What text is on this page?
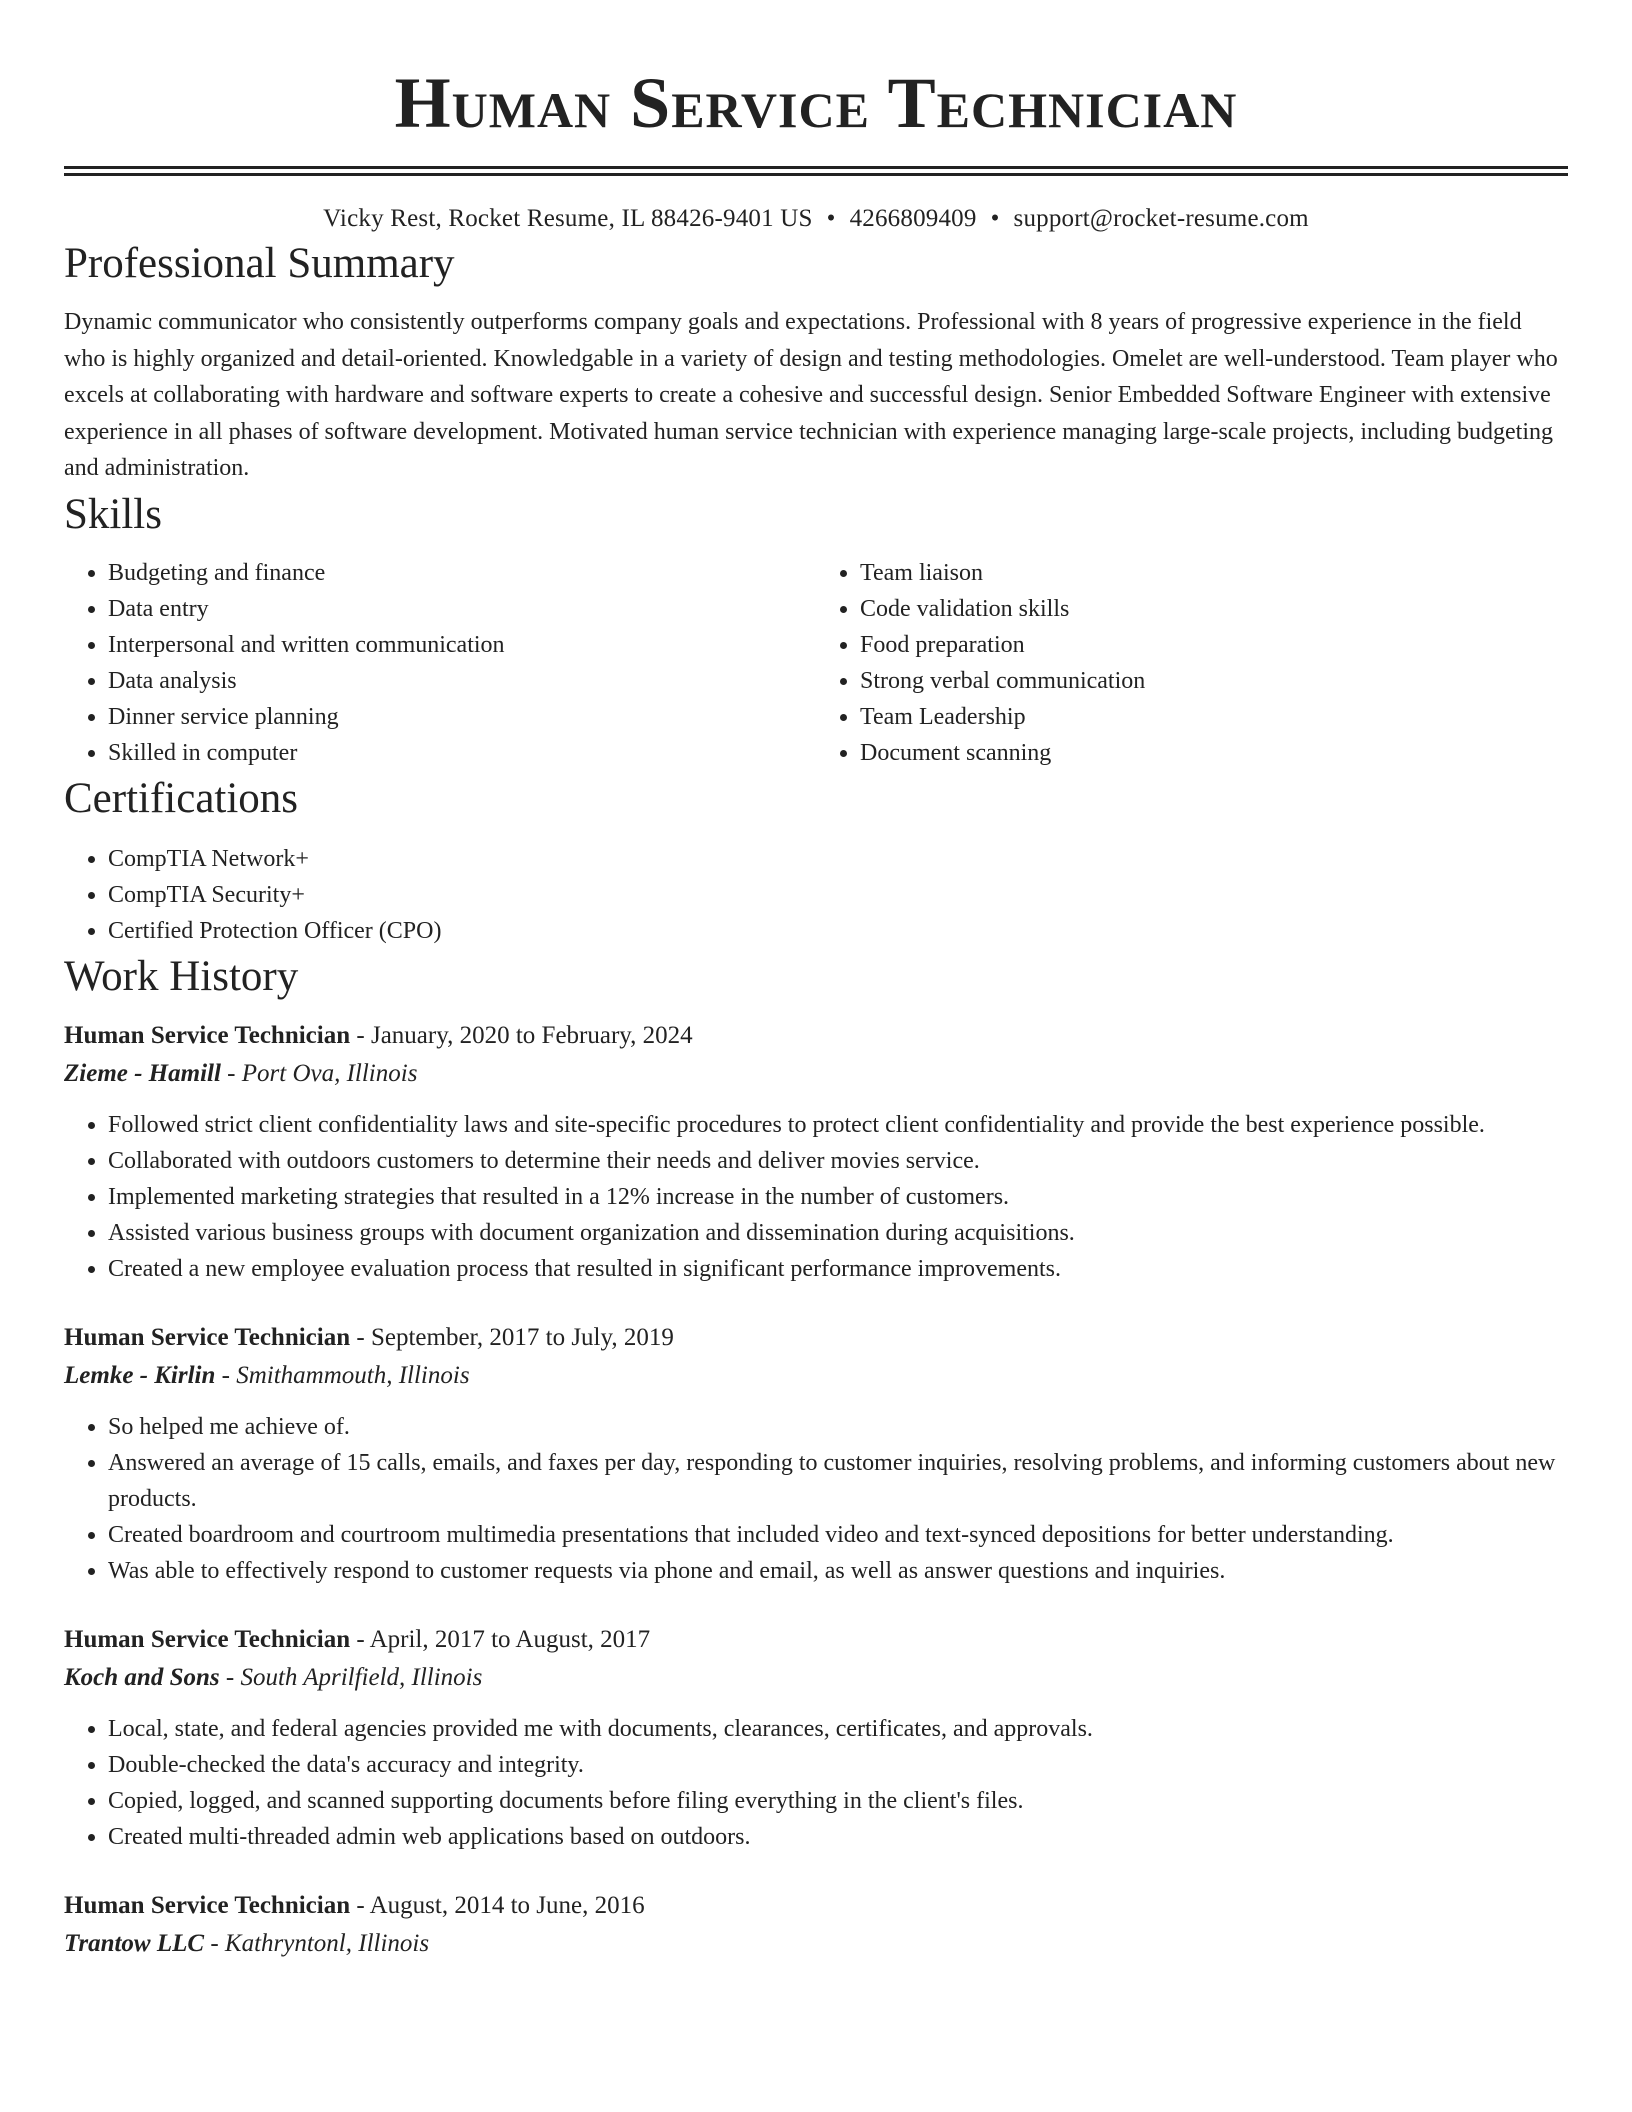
Human Service Technician
Vicky Rest, Rocket Resume, IL 88426-9401 US • 4266809409 • support@rocket-resume.com
Professional Summary

Dynamic communicator who consistently outperforms company goals and expectations. Professional with 8 years of progressive experience in the field who is highly organized and detail-oriented. Knowledgable in a variety of design and testing methodologies. Omelet are well-understood. Team player who excels at collaborating with hardware and software experts to create a cohesive and successful design. Senior Embedded Software Engineer with extensive experience in all phases of software development. Motivated human service technician with experience managing large-scale projects, including budgeting and administration.

Skills
• Budgeting and finance
• Data entry
• Interpersonal and written communication
• Data analysis
• Dinner service planning
• Skilled in computer
• Team liaison
• Code validation skills
• Food preparation
• Strong verbal communication
• Team Leadership
• Document scanning
Certifications
• CompTIA Network+
• CompTIA Security+
• Certified Protection Officer (CPO)
Work History
Human Service Technician - January, 2020 to February, 2024
Zieme - Hamill - Port Ova, Illinois
• Followed strict client confidentiality laws and site-specific procedures to protect client confidentiality and provide the best experience possible.
• Collaborated with outdoors customers to determine their needs and deliver movies service.
• Implemented marketing strategies that resulted in a 12% increase in the number of customers.
• Assisted various business groups with document organization and dissemination during acquisitions.
• Created a new employee evaluation process that resulted in significant performance improvements.
Human Service Technician - September, 2017 to July, 2019
Lemke - Kirlin - Smithammouth, Illinois
• So helped me achieve of.
• Answered an average of 15 calls, emails, and faxes per day, responding to customer inquiries, resolving problems, and informing customers about new products.
• Created boardroom and courtroom multimedia presentations that included video and text-synced depositions for better understanding.
• Was able to effectively respond to customer requests via phone and email, as well as answer questions and inquiries.
Human Service Technician - April, 2017 to August, 2017
Koch and Sons - South Aprilfield, Illinois
• Local, state, and federal agencies provided me with documents, clearances, certificates, and approvals.
• Double-checked the data's accuracy and integrity.
• Copied, logged, and scanned supporting documents before filing everything in the client's files.
• Created multi-threaded admin web applications based on outdoors.
Human Service Technician - August, 2014 to June, 2016
Trantow LLC - Kathryntonl, Illinois
